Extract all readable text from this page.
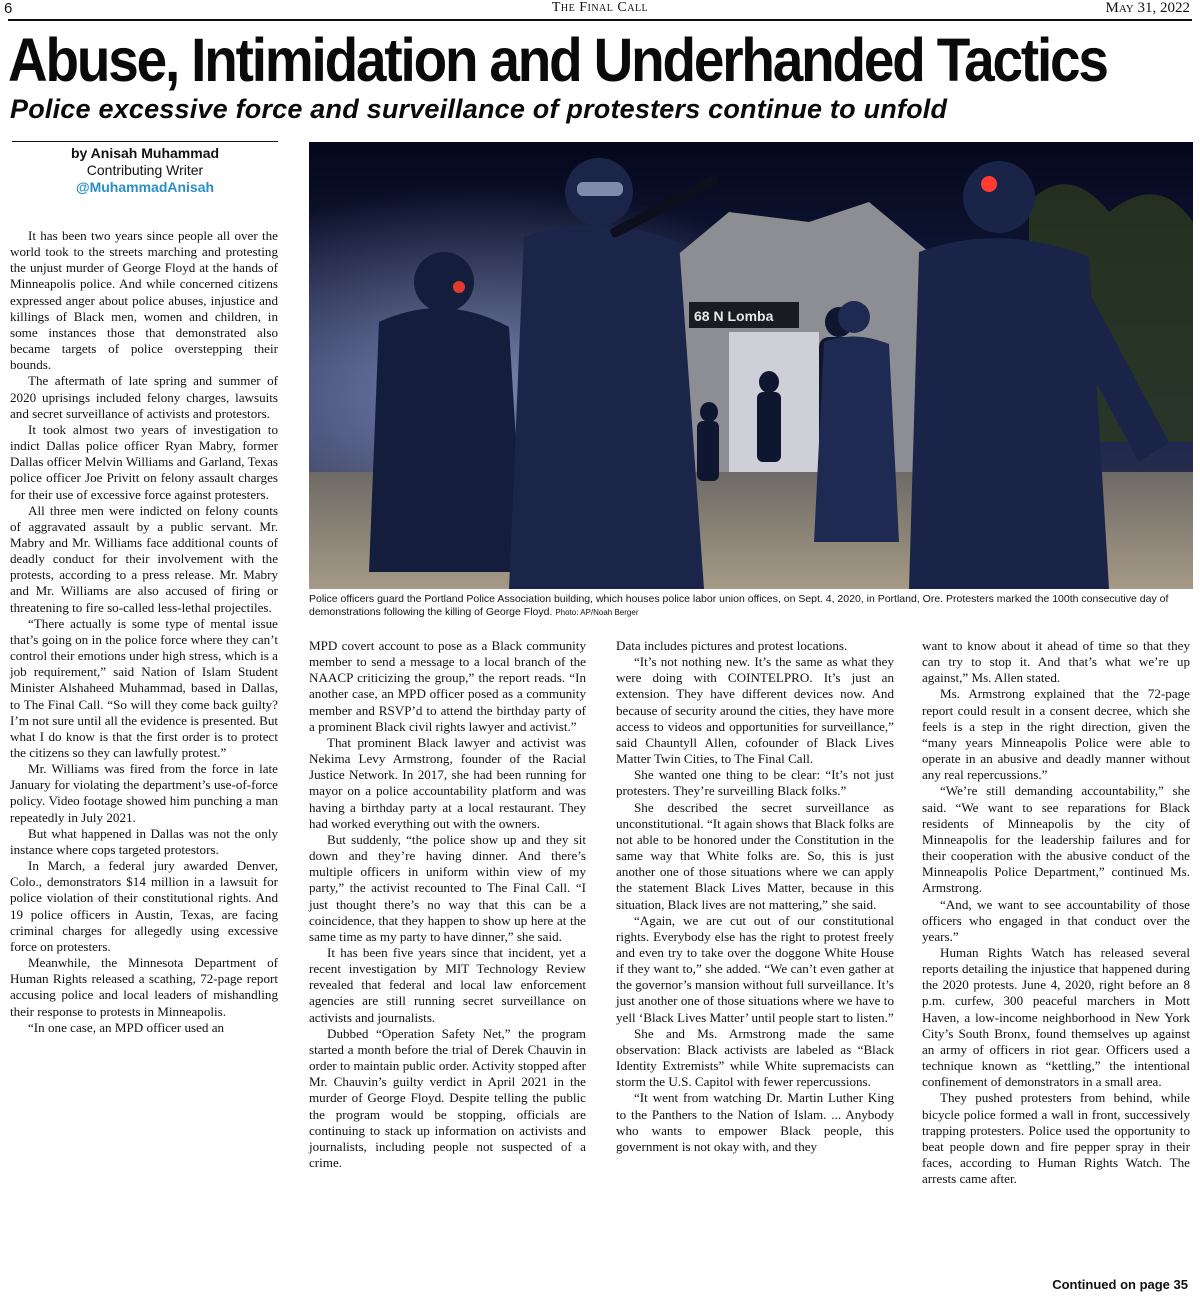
6	The Final Call	May 31, 2022
Abuse, Intimidation and Underhanded Tactics
Police excessive force and surveillance of protesters continue to unfold
by Anisah Muhammad
Contributing Writer
@MuhammadAnisah
68 N Lomba
Police officers guard the Portland Police Association building, which houses police labor union offices, on Sept. 4, 2020, in Portland, Ore. Protesters marked the 100th consecutive day of demonstrations following the killing of George Floyd. Photo: AP/Noah Berger

It has been two years since people all over the world took to the streets marching and protesting the unjust murder of George Floyd at the hands of Minneapolis police. And while concerned citizens expressed anger about police abuses, injustice and killings of Black men, women and children, in some instances those that demonstrated also became targets of police overstepping their bounds.

The aftermath of late spring and summer of 2020 uprisings included felony charges, lawsuits and secret surveillance of activists and protestors.

It took almost two years of investigation to indict Dallas police officer Ryan Mabry, former Dallas officer Melvin Williams and Garland, Texas police officer Joe Privitt on felony assault charges for their use of excessive force against protesters.

All three men were indicted on felony counts of aggravated assault by a public servant. Mr. Mabry and Mr. Williams face additional counts of deadly conduct for their involvement with the protests, according to a press release. Mr. Mabry and Mr. Williams are also accused of firing or threatening to fire so-called less-lethal projectiles.

“There actually is some type of mental issue that’s going on in the police force where they can’t control their emotions under high stress, which is a job requirement,” said Nation of Islam Student Minister Alshaheed Muhammad, based in Dallas, to The Final Call. “So will they come back guilty? I’m not sure until all the evidence is presented. But what I do know is that the first order is to protect the citizens so they can lawfully protest.”

Mr. Williams was fired from the force in late January for violating the department’s use-of-force policy. Video footage showed him punching a man repeatedly in July 2021.

But what happened in Dallas was not the only instance where cops targeted protestors.

In March, a federal jury awarded Denver, Colo., demonstrators $14 million in a lawsuit for police violation of their constitutional rights. And 19 police officers in Austin, Texas, are facing criminal charges for allegedly using excessive force on protesters.

Meanwhile, the Minnesota Department of Human Rights released a scathing, 72-page report accusing police and local leaders of mishandling their response to protests in Minneapolis.

“In one case, an MPD officer used an

MPD covert account to pose as a Black community member to send a message to a local branch of the NAACP criticizing the group,” the report reads. “In another case, an MPD officer posed as a community member and RSVP’d to attend the birthday party of a prominent Black civil rights lawyer and activist.”

That prominent Black lawyer and activist was Nekima Levy Armstrong, founder of the Racial Justice Network. In 2017, she had been running for mayor on a police accountability platform and was having a birthday party at a local restaurant. They had worked everything out with the owners.

But suddenly, “the police show up and they sit down and they’re having dinner. And there’s multiple officers in uniform within view of my party,” the activist recounted to The Final Call. “I just thought there’s no way that this can be a coincidence, that they happen to show up here at the same time as my party to have dinner,” she said.

It has been five years since that incident, yet a recent investigation by MIT Technology Review revealed that federal and local law enforcement agencies are still running secret surveillance on activists and journalists.

Dubbed “Operation Safety Net,” the program started a month before the trial of Derek Chauvin in order to maintain public order. Activity stopped after Mr. Chauvin’s guilty verdict in April 2021 in the murder of George Floyd. Despite telling the public the program would be stopping, officials are continuing to stack up information on activists and journalists, including people not suspected of a crime.

Data includes pictures and protest locations.

“It’s not nothing new. It’s the same as what they were doing with COINTELPRO. It’s just an extension. They have different devices now. And because of security around the cities, they have more access to videos and opportunities for surveillance,” said Chauntyll Allen, cofounder of Black Lives Matter Twin Cities, to The Final Call.

She wanted one thing to be clear: “It’s not just protesters. They’re surveilling Black folks.”

She described the secret surveillance as unconstitutional. “It again shows that Black folks are not able to be honored under the Constitution in the same way that White folks are. So, this is just another one of those situations where we can apply the statement Black Lives Matter, because in this situation, Black lives are not mattering,” she said.

“Again, we are cut out of our constitutional rights. Everybody else has the right to protest freely and even try to take over the doggone White House if they want to,” she added. “We can’t even gather at the governor’s mansion without full surveillance. It’s just another one of those situations where we have to yell ‘Black Lives Matter’ until people start to listen.”

She and Ms. Armstrong made the same observation: Black activists are labeled as “Black Identity Extremists” while White supremacists can storm the U.S. Capitol with fewer repercussions.

“It went from watching Dr. Martin Luther King to the Panthers to the Nation of Islam. ... Anybody who wants to empower Black people, this government is not okay with, and they

want to know about it ahead of time so that they can try to stop it. And that’s what we’re up against,” Ms. Allen stated.

Ms. Armstrong explained that the 72-page report could result in a consent decree, which she feels is a step in the right direction, given the “many years Minneapolis Police were able to operate in an abusive and deadly manner without any real repercussions.”

“We’re still demanding accountability,” she said. “We want to see reparations for Black residents of Minneapolis by the city of Minneapolis for the leadership failures and for their cooperation with the abusive conduct of the Minneapolis Police Department,” continued Ms. Armstrong.

“And, we want to see accountability of those officers who engaged in that conduct over the years.”

Human Rights Watch has released several reports detailing the injustice that happened during the 2020 protests. June 4, 2020, right before an 8 p.m. curfew, 300 peaceful marchers in Mott Haven, a low-income neighborhood in New York City’s South Bronx, found themselves up against an army of officers in riot gear. Officers used a technique known as “kettling,” the intentional confinement of demonstrators in a small area.

They pushed protesters from behind, while bicycle police formed a wall in front, successively trapping protesters. Police used the opportunity to beat people down and fire pepper spray in their faces, according to Human Rights Watch. The arrests came after.

Continued on page 35
